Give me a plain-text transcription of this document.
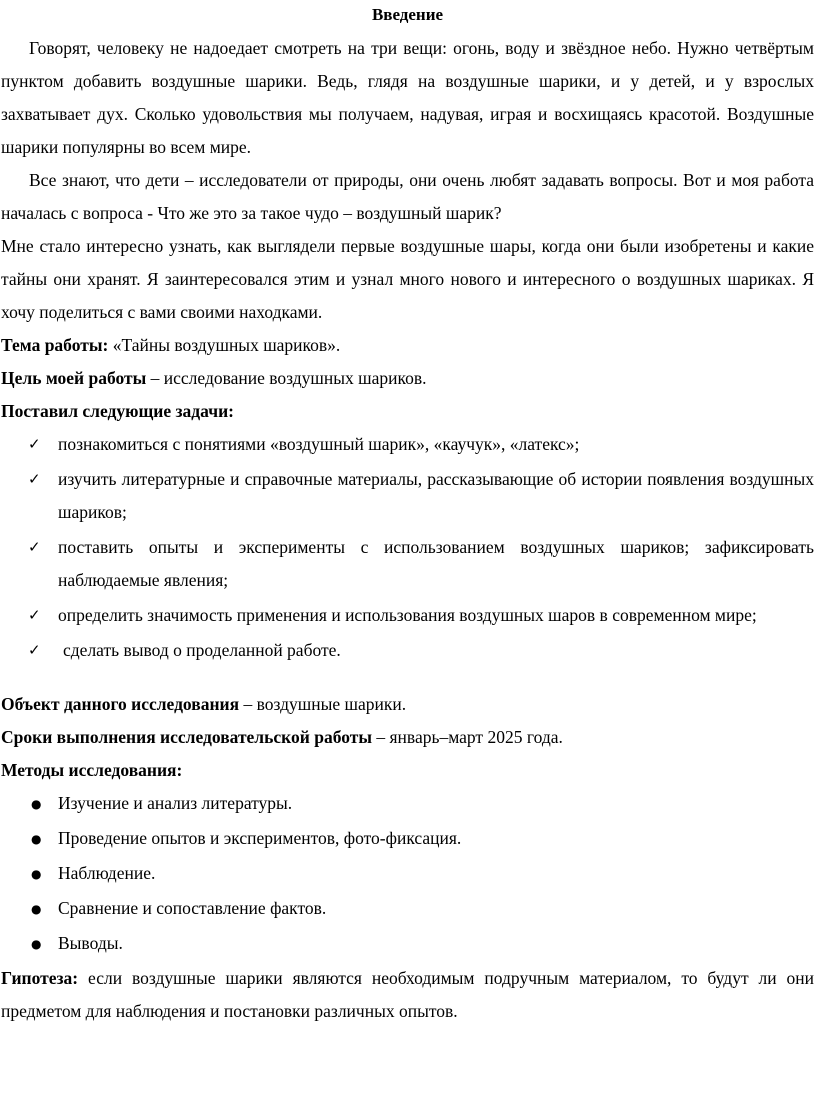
Введение

Говорят, человеку не надоедает смотреть на три вещи: огонь, воду и звёздное небо. Нужно четвёртым пунктом добавить воздушные шарики. Ведь, глядя на воздушные шарики, и у детей, и у взрослых захватывает дух. Сколько удовольствия мы получаем, надувая, играя и восхищаясь красотой. Воздушные шарики популярны во всем мире.

Все знают, что дети – исследователи от природы, они очень любят задавать вопросы. Вот и моя работа началась с вопроса - Что же это за такое чудо – воздушный шарик?

Мне стало интересно узнать, как выглядели первые воздушные шары, когда они были изобретены и какие тайны они хранят. Я заинтересовался этим и узнал много нового и интересного о воздушных шариках. Я хочу поделиться с вами своими находками.

Тема работы: «Тайны воздушных шариков».

Цель моей работы – исследование воздушных шариков.

Поставил следующие задачи:

✓ познакомиться с понятиями «воздушный шарик», «каучук», «латекс»;
✓ изучить литературные и справочные материалы, рассказывающие об истории появления воздушных шариков;
✓ поставить опыты и эксперименты с использованием воздушных шариков; зафиксировать наблюдаемые явления;
✓ определить значимость применения и использования воздушных шаров в современном мире;
✓ сделать вывод о проделанной работе.

Объект данного исследования – воздушные шарики.

Сроки выполнения исследовательской работы – январь–март 2025 года.

Методы исследования:

● Изучение и анализ литературы.
● Проведение опытов и экспериментов, фото-фиксация.
● Наблюдение.
● Сравнение и сопоставление фактов.
● Выводы.

Гипотеза: если воздушные шарики являются необходимым подручным материалом, то будут ли они предметом для наблюдения и постановки различных опытов.
